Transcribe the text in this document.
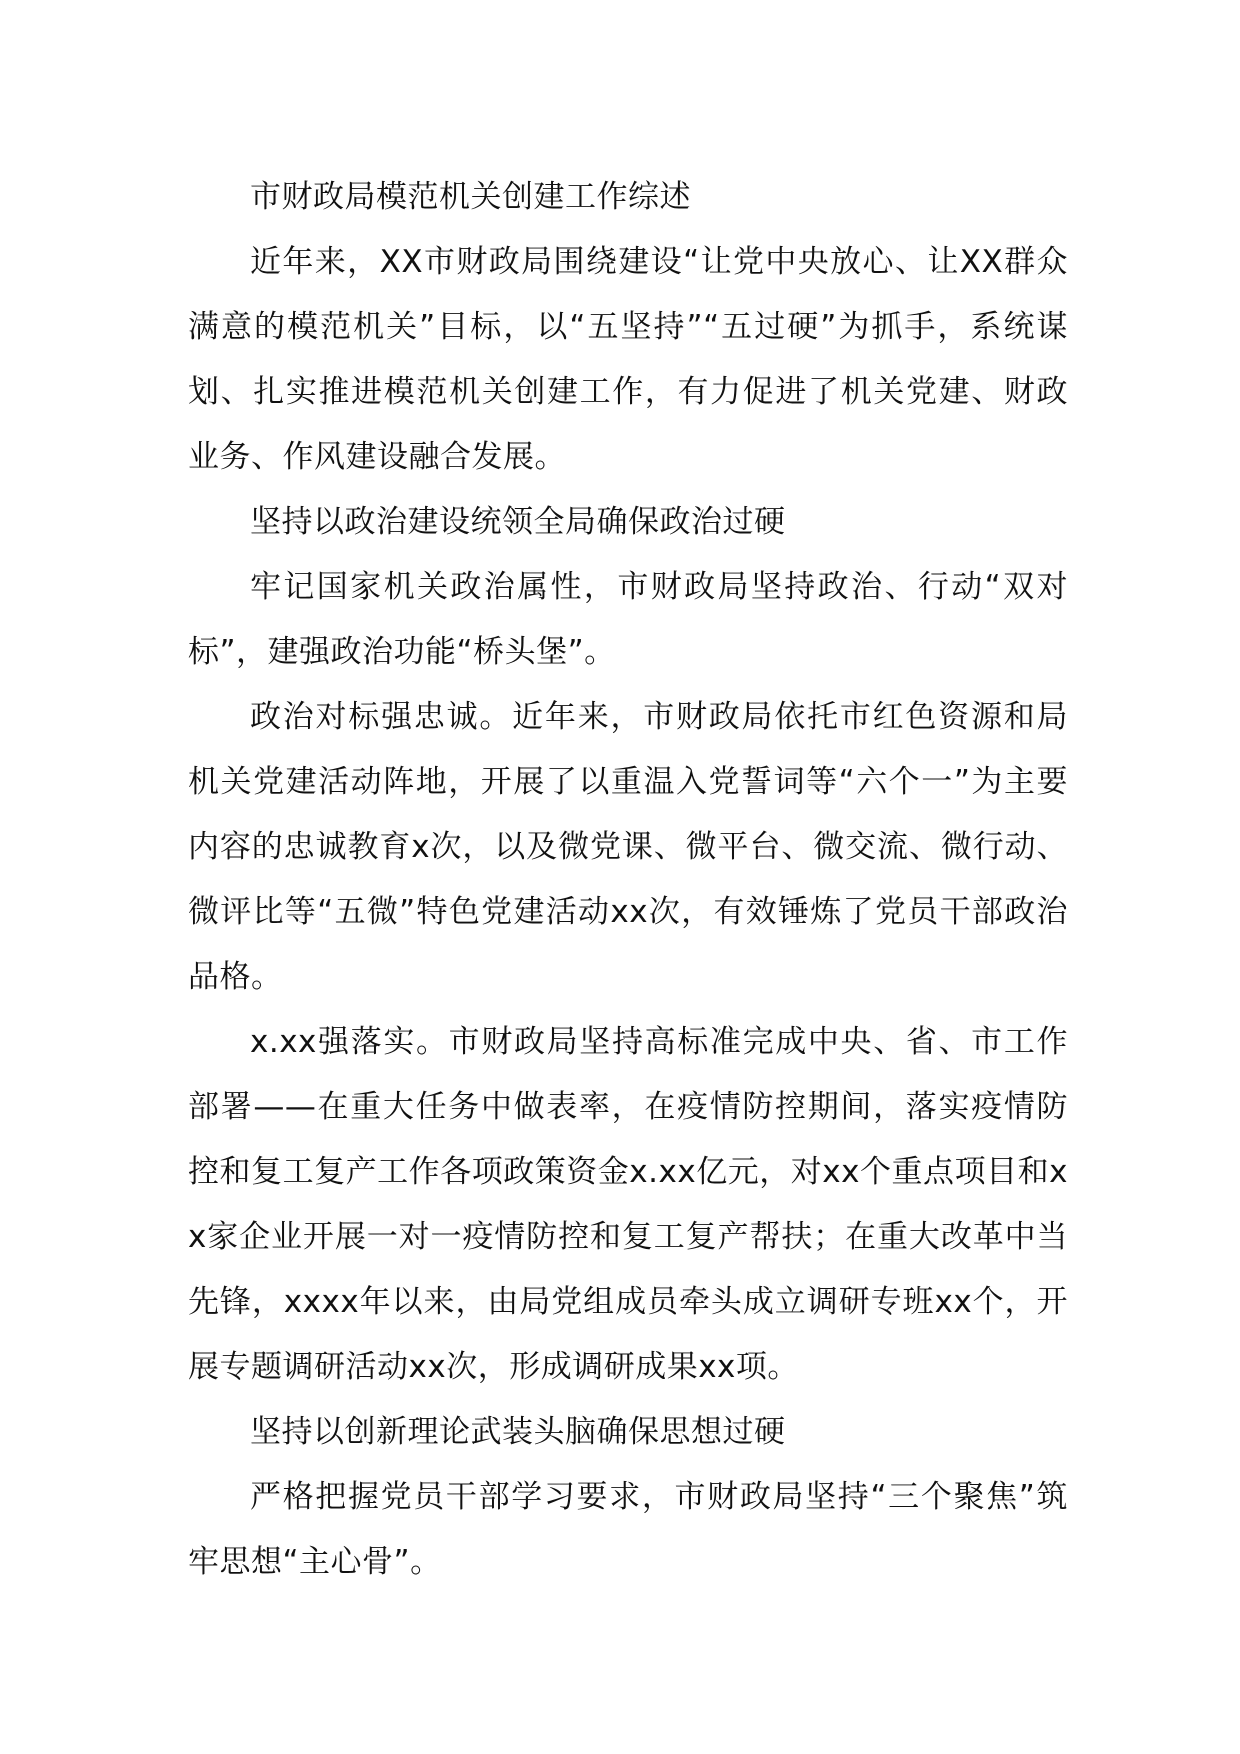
市财政局模范机关创建工作综述

近年来，XX市财政局围绕建设“让党中央放心、让XX群众满意的模范机关”目标，以“五坚持”“五过硬”为抓手，系统谋划、扎实推进模范机关创建工作，有力促进了机关党建、财政业务、作风建设融合发展。

坚持以政治建设统领全局确保政治过硬

牢记国家机关政治属性，市财政局坚持政治、行动“双对标”，建强政治功能“桥头堡”。

政治对标强忠诚。近年来，市财政局依托市红色资源和局机关党建活动阵地，开展了以重温入党誓词等“六个一”为主要内容的忠诚教育x次，以及微党课、微平台、微交流、微行动、微评比等“五微”特色党建活动xx次，有效锤炼了党员干部政治品格。

x.xx强落实。市财政局坚持高标准完成中央、省、市工作部署——在重大任务中做表率，在疫情防控期间，落实疫情防控和复工复产工作各项政策资金x.xx亿元，对xx个重点项目和xx家企业开展一对一疫情防控和复工复产帮扶；在重大改革中当先锋，xxxx年以来，由局党组成员牵头成立调研专班xx个，开展专题调研活动xx次，形成调研成果xx项。

坚持以创新理论武装头脑确保思想过硬

严格把握党员干部学习要求，市财政局坚持“三个聚焦”筑牢思想“主心骨”。
